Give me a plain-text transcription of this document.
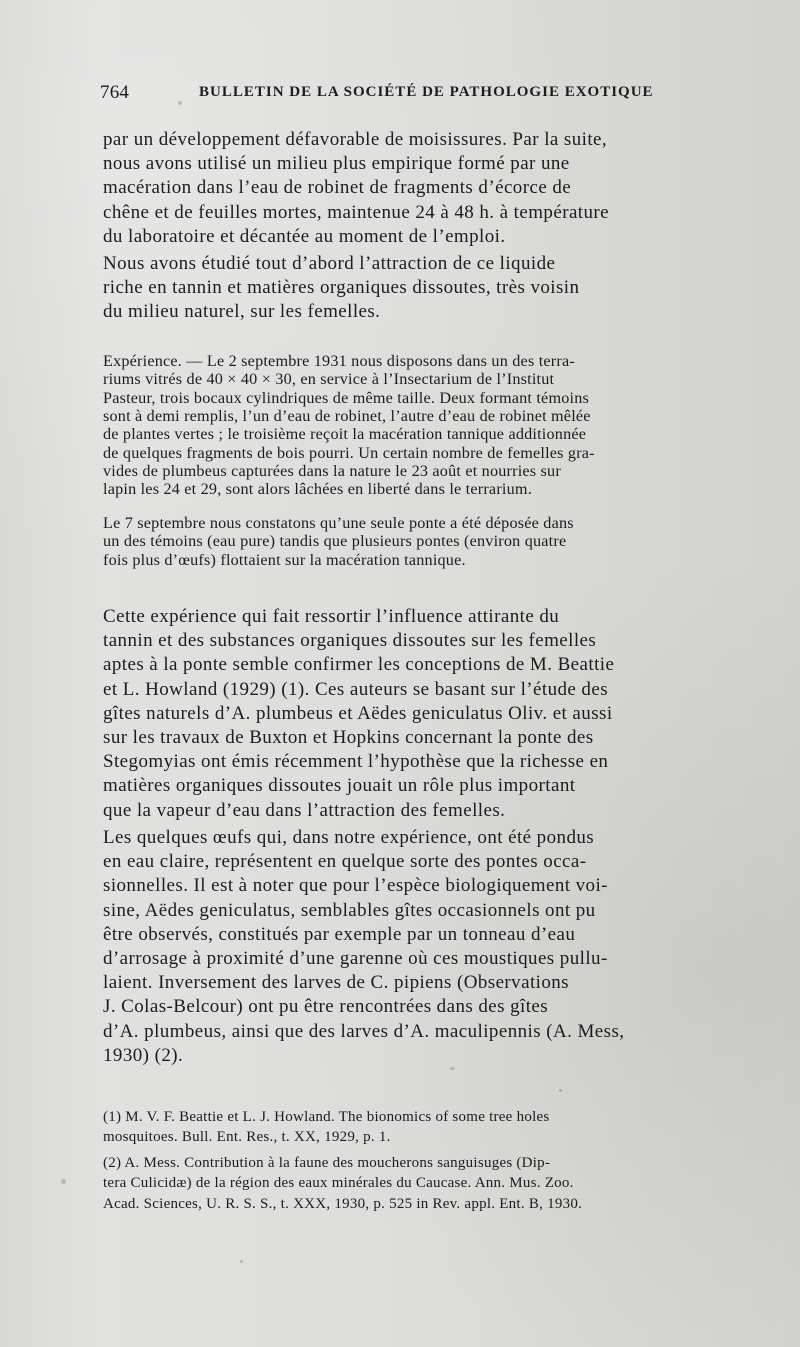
764	BULLETIN DE LA SOCIÉTÉ DE PATHOLOGIE EXOTIQUE

par un développement défavorable de moisissures. Par la suite,
nous avons utilisé un milieu plus empirique formé par une
macération dans l’eau de robinet de fragments d’écorce de
chêne et de feuilles mortes, maintenue 24 à 48 h. à température
du laboratoire et décantée au moment de l’emploi.

Nous avons étudié tout d’abord l’attraction de ce liquide
riche en tannin et matières organiques dissoutes, très voisin
du milieu naturel, sur les femelles.

Expérience. — Le 2 septembre 1931 nous disposons dans un des terra-
riums vitrés de 40 × 40 × 30, en service à l’Insectarium de l’Institut
Pasteur, trois bocaux cylindriques de même taille. Deux formant témoins
sont à demi remplis, l’un d’eau de robinet, l’autre d’eau de robinet mêlée
de plantes vertes ; le troisième reçoit la macération tannique additionnée
de quelques fragments de bois pourri. Un certain nombre de femelles gra-
vides de plumbeus capturées dans la nature le 23 août et nourries sur
lapin les 24 et 29, sont alors lâchées en liberté dans le terrarium.

Le 7 septembre nous constatons qu’une seule ponte a été déposée dans
un des témoins (eau pure) tandis que plusieurs pontes (environ quatre
fois plus d’œufs) flottaient sur la macération tannique.

Cette expérience qui fait ressortir l’influence attirante du
tannin et des substances organiques dissoutes sur les femelles
aptes à la ponte semble confirmer les conceptions de M. Beattie
et L. Howland (1929) (1). Ces auteurs se basant sur l’étude des
gîtes naturels d’A. plumbeus et Aëdes geniculatus Oliv. et aussi
sur les travaux de Buxton et Hopkins concernant la ponte des
Stegomyias ont émis récemment l’hypothèse que la richesse en
matières organiques dissoutes jouait un rôle plus important
que la vapeur d’eau dans l’attraction des femelles.

Les quelques œufs qui, dans notre expérience, ont été pondus
en eau claire, représentent en quelque sorte des pontes occa-
sionnelles. Il est à noter que pour l’espèce biologiquement voi-
sine, Aëdes geniculatus, semblables gîtes occasionnels ont pu
être observés, constitués par exemple par un tonneau d’eau
d’arrosage à proximité d’une garenne où ces moustiques pullu-
laient. Inversement des larves de C. pipiens (Observations
J. Colas-Belcour) ont pu être rencontrées dans des gîtes
d’A. plumbeus, ainsi que des larves d’A. maculipennis (A. Mess,
1930) (2).

(1) M. V. F. Beattie et L. J. Howland. The bionomics of some tree holes
mosquitoes. Bull. Ent. Res., t. XX, 1929, p. 1.

(2) A. Mess. Contribution à la faune des moucherons sanguisuges (Dip-
tera Culicidæ) de la région des eaux minérales du Caucase. Ann. Mus. Zoo.
Acad. Sciences, U. R. S. S., t. XXX, 1930, p. 525 in Rev. appl. Ent. B, 1930.
